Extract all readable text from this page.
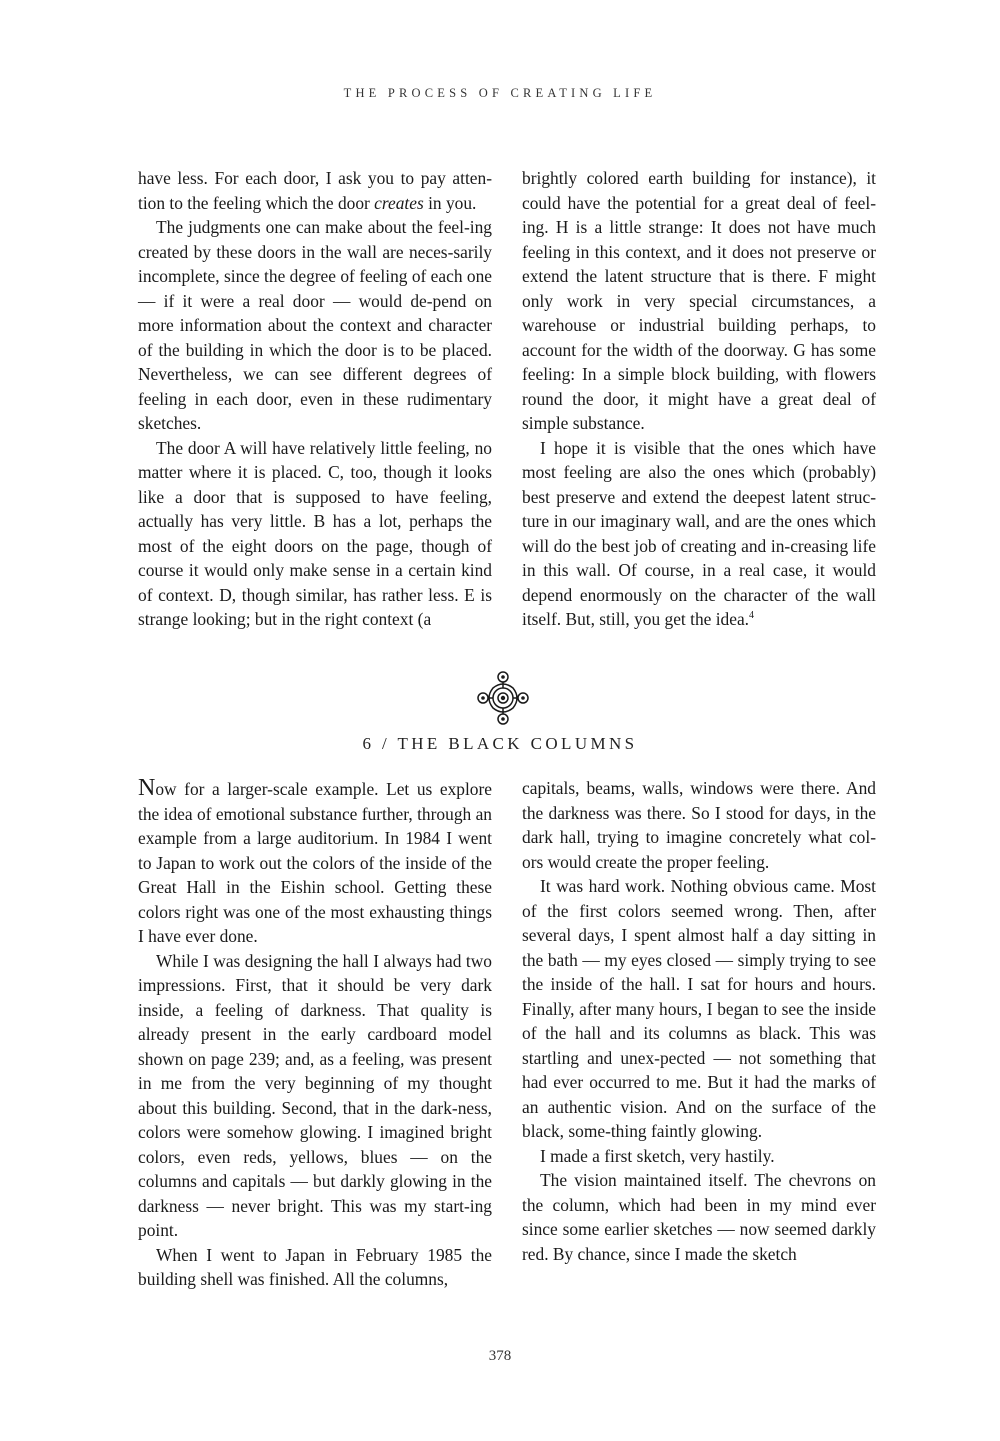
THE PROCESS OF CREATING LIFE

have less. For each door, I ask you to pay atten-tion to the feeling which the door creates in you.

The judgments one can make about the feel-ing created by these doors in the wall are neces-sarily incomplete, since the degree of feeling of each one — if it were a real door — would de-pend on more information about the context and character of the building in which the door is to be placed. Nevertheless, we can see different degrees of feeling in each door, even in these rudimentary sketches.

The door A will have relatively little feeling, no matter where it is placed. C, too, though it looks like a door that is supposed to have feeling, actually has very little. B has a lot, perhaps the most of the eight doors on the page, though of course it would only make sense in a certain kind of context. D, though similar, has rather less. E is strange looking; but in the right context (a

brightly colored earth building for instance), it could have the potential for a great deal of feel-ing. H is a little strange: It does not have much feeling in this context, and it does not preserve or extend the latent structure that is there. F might only work in very special circumstances, a warehouse or industrial building perhaps, to account for the width of the doorway. G has some feeling: In a simple block building, with flowers round the door, it might have a great deal of simple substance.

I hope it is visible that the ones which have most feeling are also the ones which (probably) best preserve and extend the deepest latent struc-ture in our imaginary wall, and are the ones which will do the best job of creating and in-creasing life in this wall. Of course, in a real case, it would depend enormously on the character of the wall itself. But, still, you get the idea.$^4$

6 / THE BLACK COLUMNS

Now for a larger-scale example. Let us explore the idea of emotional substance further, through an example from a large auditorium. In 1984 I went to Japan to work out the colors of the inside of the Great Hall in the Eishin school. Getting these colors right was one of the most exhausting things I have ever done.

While I was designing the hall I always had two impressions. First, that it should be very dark inside, a feeling of darkness. That quality is already present in the early cardboard model shown on page 239; and, as a feeling, was present in me from the very beginning of my thought about this building. Second, that in the dark-ness, colors were somehow glowing. I imagined bright colors, even reds, yellows, blues — on the columns and capitals — but darkly glowing in the darkness — never bright. This was my start-ing point.

When I went to Japan in February 1985 the building shell was finished. All the columns,

capitals, beams, walls, windows were there. And the darkness was there. So I stood for days, in the dark hall, trying to imagine concretely what col-ors would create the proper feeling.

It was hard work. Nothing obvious came. Most of the first colors seemed wrong. Then, after several days, I spent almost half a day sitting in the bath — my eyes closed — simply trying to see the inside of the hall. I sat for hours and hours. Finally, after many hours, I began to see the inside of the hall and its columns as black. This was startling and unex-pected — not something that had ever occurred to me. But it had the marks of an authentic vision. And on the surface of the black, some-thing faintly glowing.

I made a first sketch, very hastily.

The vision maintained itself. The chevrons on the column, which had been in my mind ever since some earlier sketches — now seemed darkly red. By chance, since I made the sketch

378
